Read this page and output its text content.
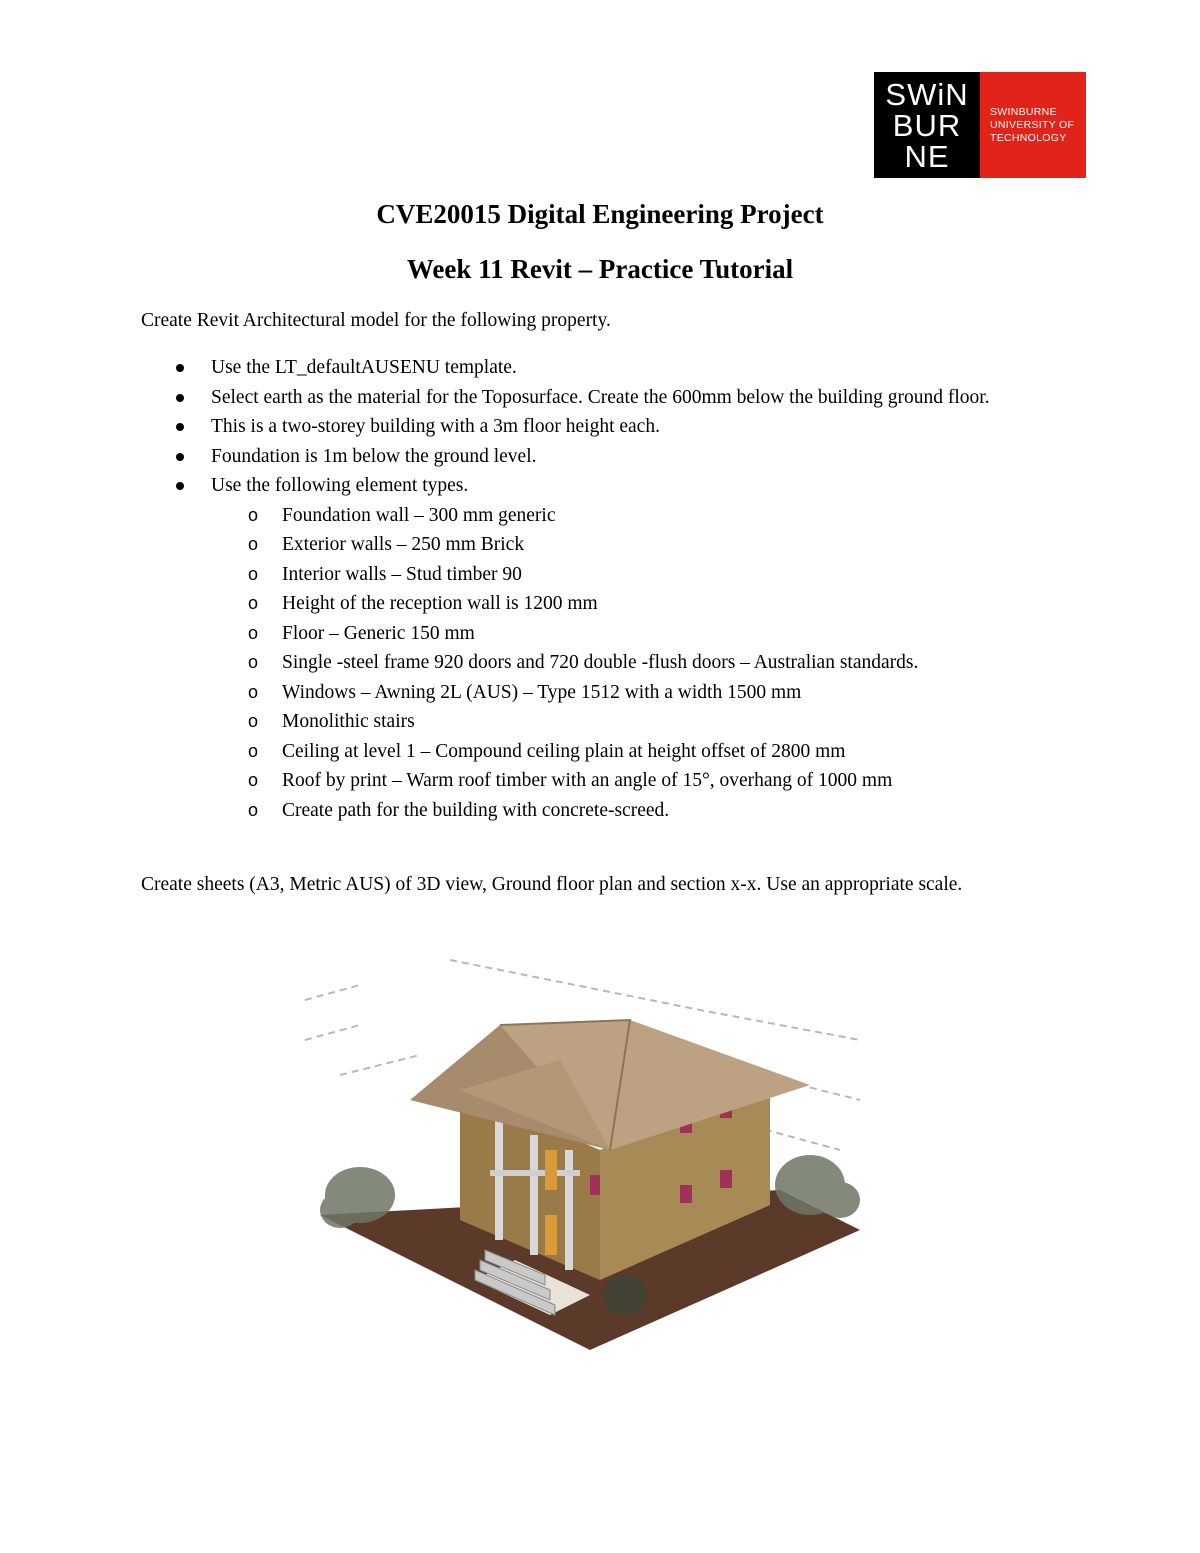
SWiN
BUR
NE
SWINBURNE
UNIVERSITY OF
TECHNOLOGY
CVE20015 Digital Engineering Project
Week 11 Revit – Practice Tutorial

Create Revit Architectural model for the following property.

Use the LT_defaultAUSENU template.
Select earth as the material for the Toposurface. Create the 600mm below the building ground floor.
This is a two-storey building with a 3m floor height each.
Foundation is 1m below the ground level.
Use the following element types.
o Foundation wall – 300 mm generic
o Exterior walls – 250 mm Brick
o Interior walls – Stud timber 90
o Height of the reception wall is 1200 mm
o Floor – Generic 150 mm
o Single -steel frame 920 doors and 720 double -flush doors – Australian standards.
o Windows – Awning 2L (AUS) – Type 1512 with a width 1500 mm
o Monolithic stairs
o Ceiling at level 1 – Compound ceiling plain at height offset of 2800 mm
o Roof by print – Warm roof timber with an angle of 15°, overhang of 1000 mm
o Create path for the building with concrete-screed.

Create sheets (A3, Metric AUS) of 3D view, Ground floor plan and section x-x. Use an appropriate scale.
